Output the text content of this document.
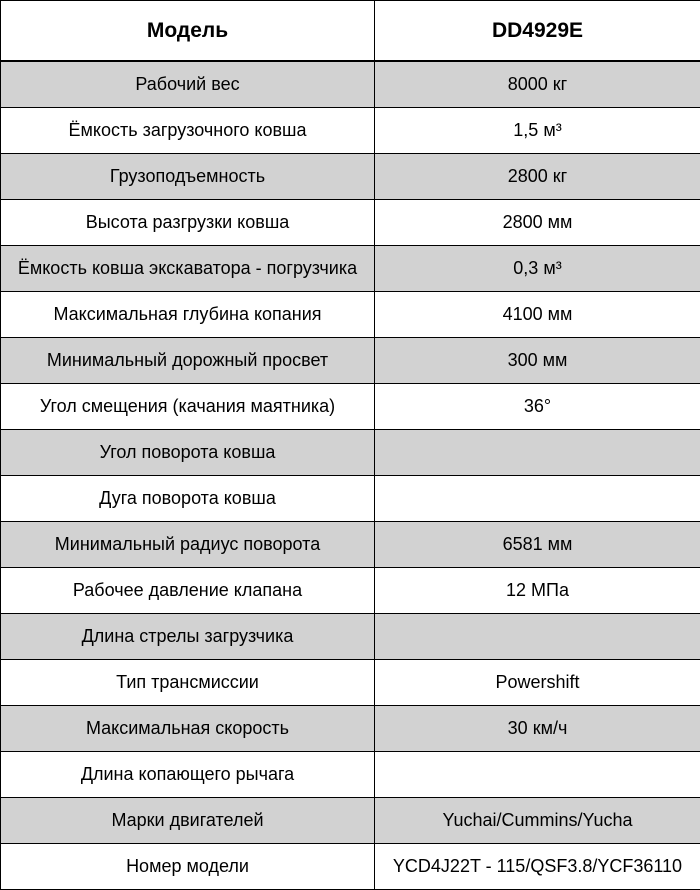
Модель	DD4929E
Рабочий вес	8000 кг
Ёмкость загрузочного ковша	1,5 м³
Грузоподъемность	2800 кг
Высота разгрузки ковша	2800 мм
Ёмкость ковша экскаватора - погрузчика	0,3 м³
Максимальная глубина копания	4100 мм
Минимальный дорожный просвет	300 мм
Угол смещения (качания маятника)	36°
Угол поворота ковша	
Дуга поворота ковша	
Минимальный радиус поворота	6581 мм
Рабочее давление клапана	12 МПа
Длина стрелы загрузчика	
Тип трансмиссии	Powershift
Максимальная скорость	30 км/ч
Длина копающего рычага	
Марки двигателей	Yuchai/Cummins/Yucha
Номер модели	YCD4J22T - 115/QSF3.8/YCF36110
